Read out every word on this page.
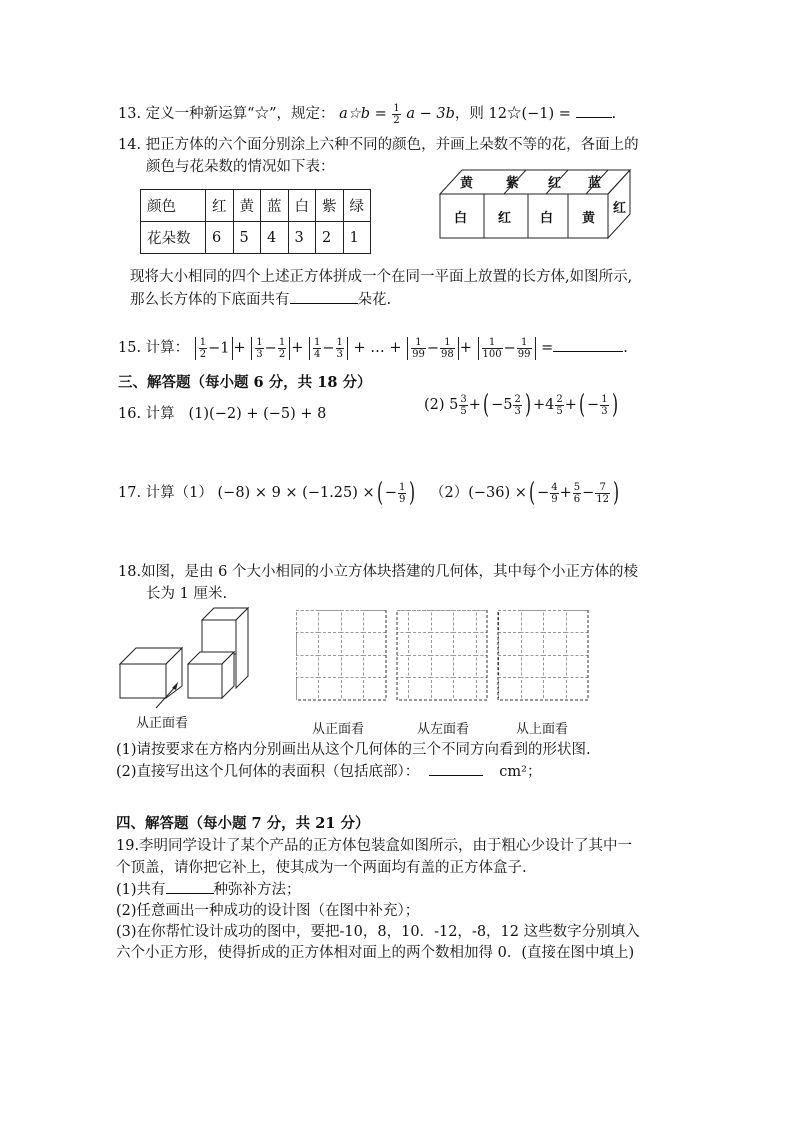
13. 定义一种新运算“☆”，规定： a☆b = $\frac{1}{2}$ a − 3b，则 12☆(−1) =	.
14. 把正方体的六个面分别涂上六种不同的颜色，并画上朵数不等的花，各面上的
颜色与花朵数的情况如下表：
颜色	红	黄	蓝	白	紫	绿
花朵数	6	5	4	3	2	1
黄	紫 红 蓝
白 红 白 黄
红
现将大小相同的四个上述正方体拼成一个在同一平面上放置的长方体,如图所示,
那么长方体的下底面共有	朵花.
15. 计算： $\frac{1}{2} -1 + \frac{1}{3} - \frac{1}{2} + \frac{1}{4} - \frac{1}{3}$ + … + $\frac{1}{99} - \frac{1}{98} + \frac{1}{100} - \frac{1}{99}$ =	.
三、解答题（每小题 6 分，共 18 分）
16. 计算 (1)(−2) + (−5) + 8
(2) $5 \frac{3}{5}$ +( $-5 \frac{2}{3}$ ) $+4 \frac{2}{5}$ +( − $\frac{1}{3}$ )
17. 计算（1） (−8) × 9 × (−1.25) ×( − $\frac{1}{9}$ ) （2）(−36) ×( − $\frac{4}{9} + \frac{5}{6} - \frac{7}{12}$ )
18.如图，是由 6 个大小相同的小立方体块搭建的几何体，其中每个小正方体的棱
长为 1 厘米.
从正面看	从正面看	从左面看	从上面看
(1)请按要求在方格内分别画出从这个几何体的三个不同方向看到的形状图.
(2)直接写出这个几何体的表面积（包括底部）：	cm²；
四、解答题（每小题 7 分，共 21 分）
19.李明同学设计了某个产品的正方体包装盒如图所示，由于粗心少设计了其中一
个顶盖，请你把它补上，使其成为一个两面均有盖的正方体盒子.
(1)共有	种弥补方法；
(2)任意画出一种成功的设计图（在图中补充）；
(3)在你帮忙设计成功的图中，要把-10，8，10．-12，-8，12 这些数字分别填入
六个小正方形，使得折成的正方体相对面上的两个数相加得 0．(直接在图中填上)
